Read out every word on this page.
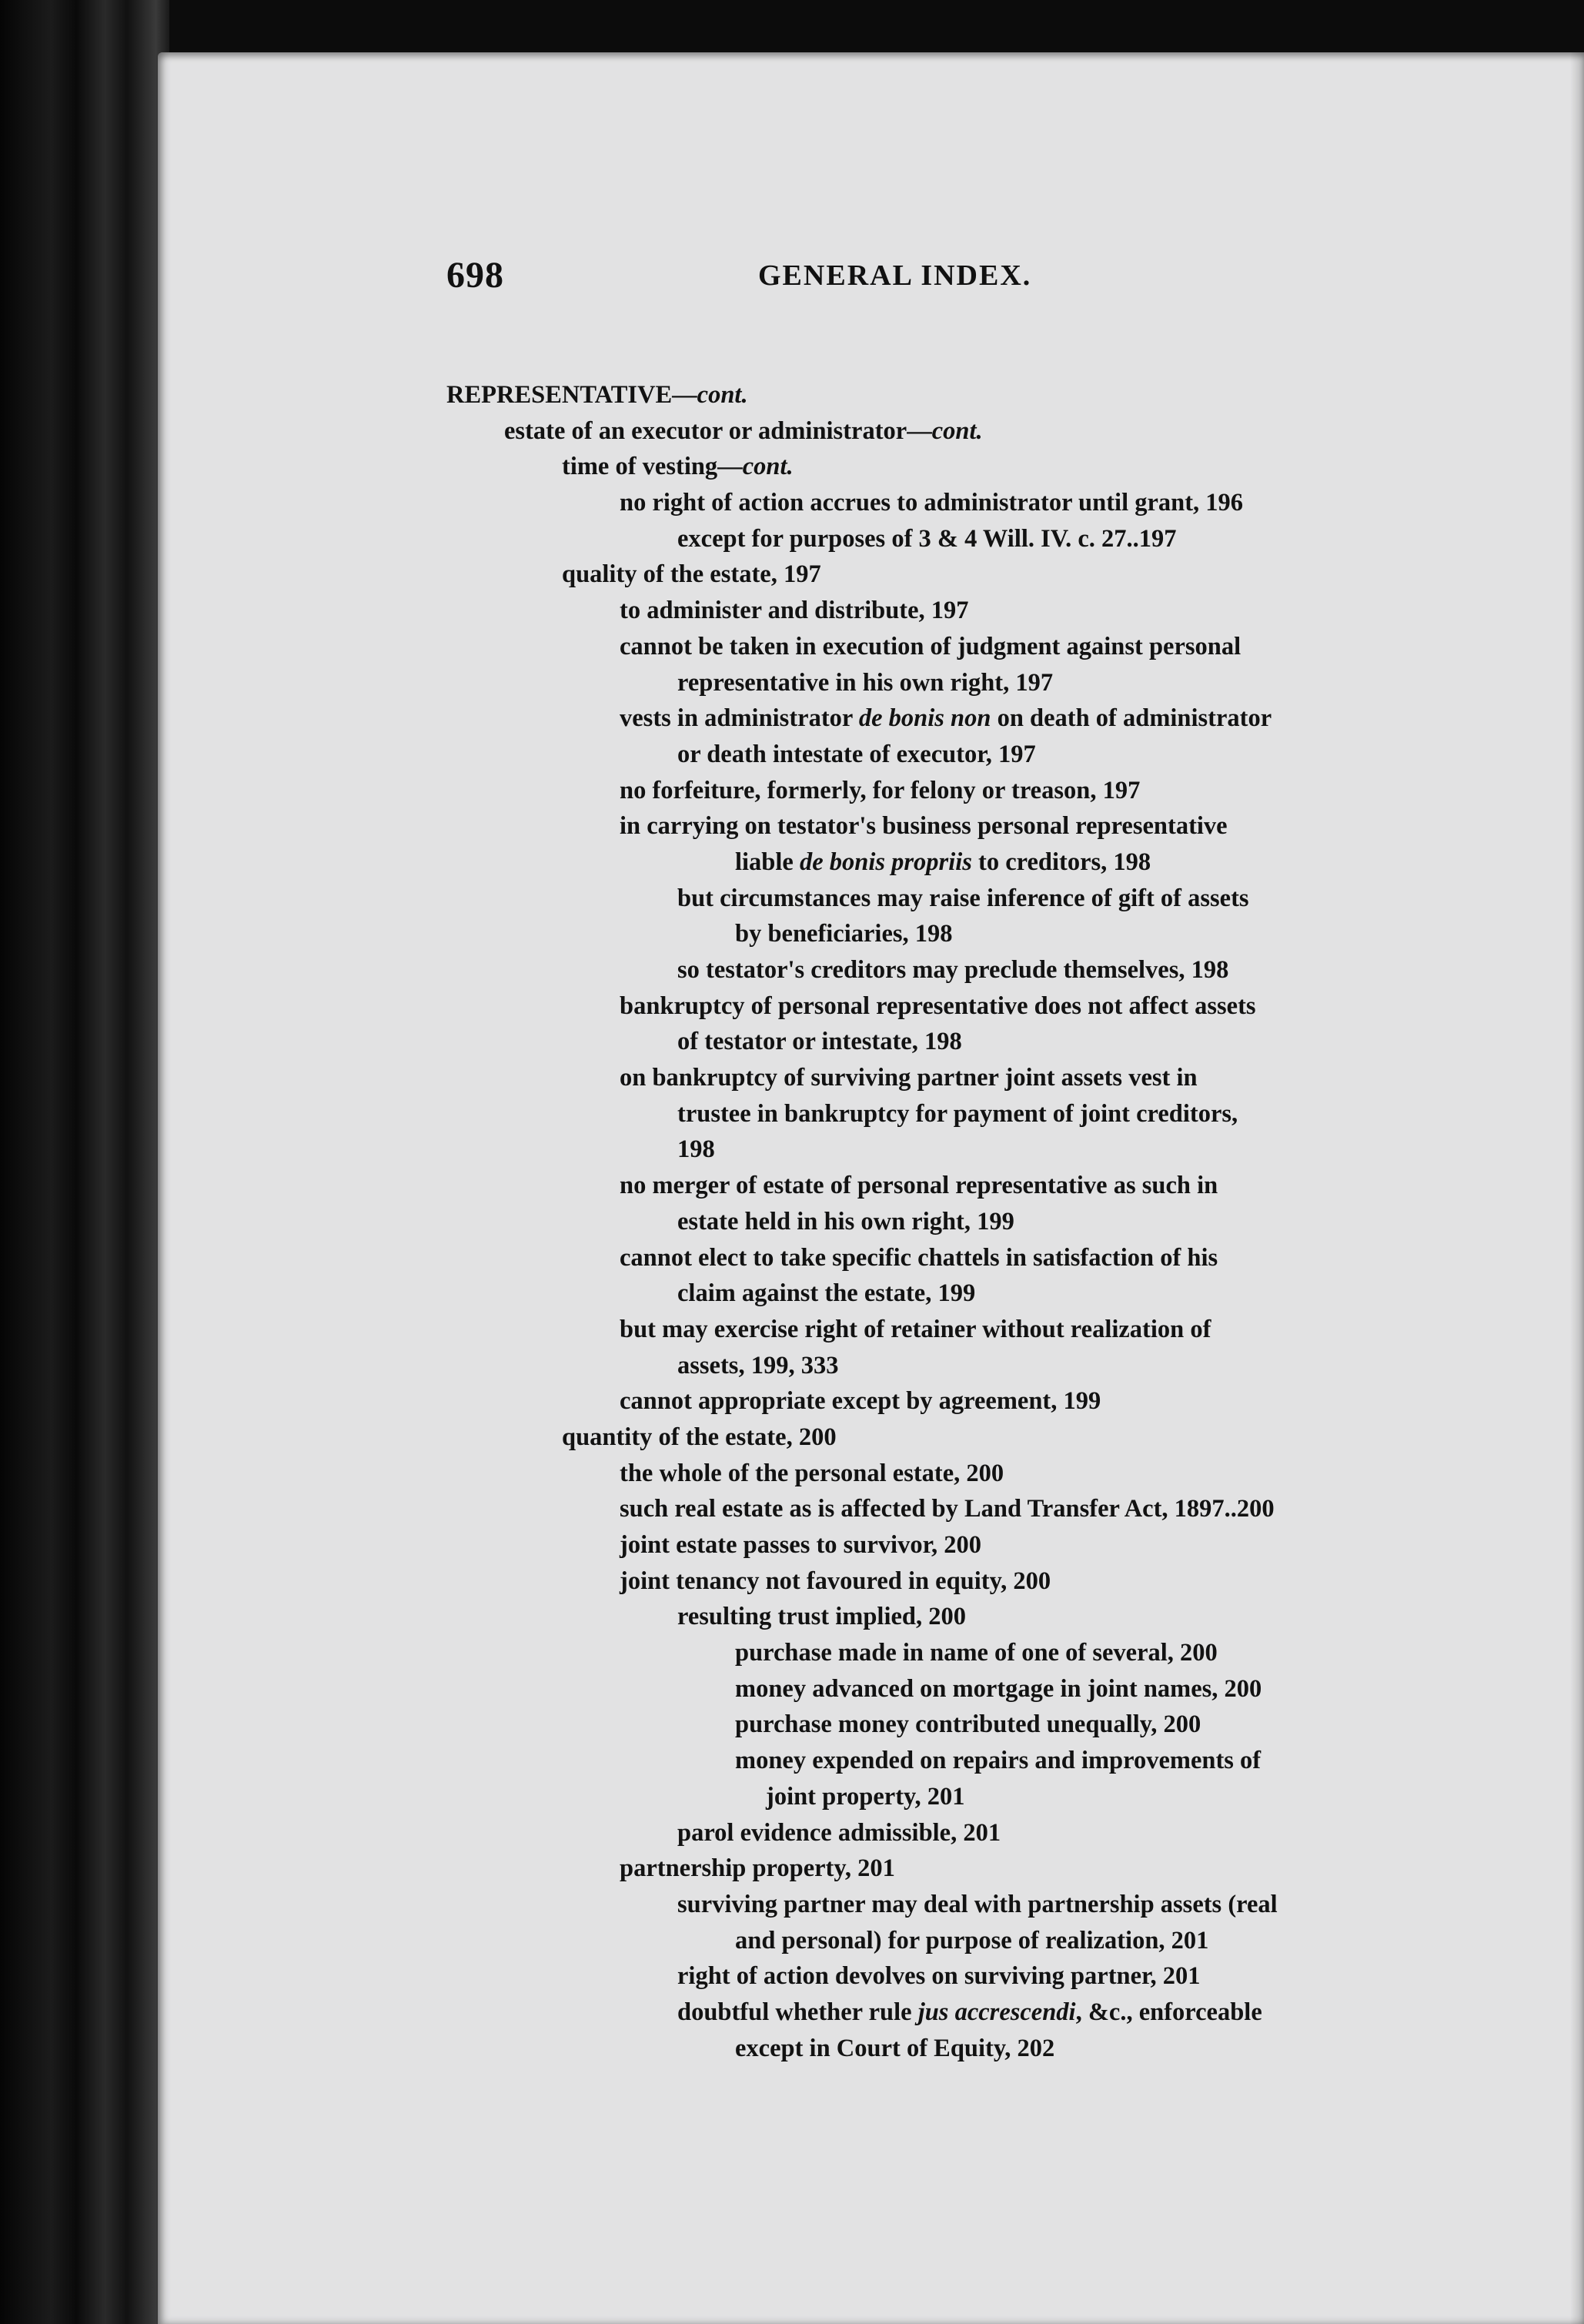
698	GENERAL INDEX.
REPRESENTATIVE—cont.
estate of an executor or administrator—cont.
time of vesting—cont.
no right of action accrues to administrator until grant, 196
except for purposes of 3 & 4 Will. IV. c. 27..197
quality of the estate, 197
to administer and distribute, 197
cannot be taken in execution of judgment against personal
representative in his own right, 197
vests in administrator de bonis non on death of administrator
or death intestate of executor, 197
no forfeiture, formerly, for felony or treason, 197
in carrying on testator's business personal representative
liable de bonis propriis to creditors, 198
but circumstances may raise inference of gift of assets
by beneficiaries, 198
so testator's creditors may preclude themselves, 198
bankruptcy of personal representative does not affect assets
of testator or intestate, 198
on bankruptcy of surviving partner joint assets vest in
trustee in bankruptcy for payment of joint creditors,
198
no merger of estate of personal representative as such in
estate held in his own right, 199
cannot elect to take specific chattels in satisfaction of his
claim against the estate, 199
but may exercise right of retainer without realization of
assets, 199, 333
cannot appropriate except by agreement, 199
quantity of the estate, 200
the whole of the personal estate, 200
such real estate as is affected by Land Transfer Act, 1897..200
joint estate passes to survivor, 200
joint tenancy not favoured in equity, 200
resulting trust implied, 200
purchase made in name of one of several, 200
money advanced on mortgage in joint names, 200
purchase money contributed unequally, 200
money expended on repairs and improvements of
joint property, 201
parol evidence admissible, 201
partnership property, 201
surviving partner may deal with partnership assets (real
and personal) for purpose of realization, 201
right of action devolves on surviving partner, 201
doubtful whether rule jus accrescendi, &c., enforceable
except in Court of Equity, 202
